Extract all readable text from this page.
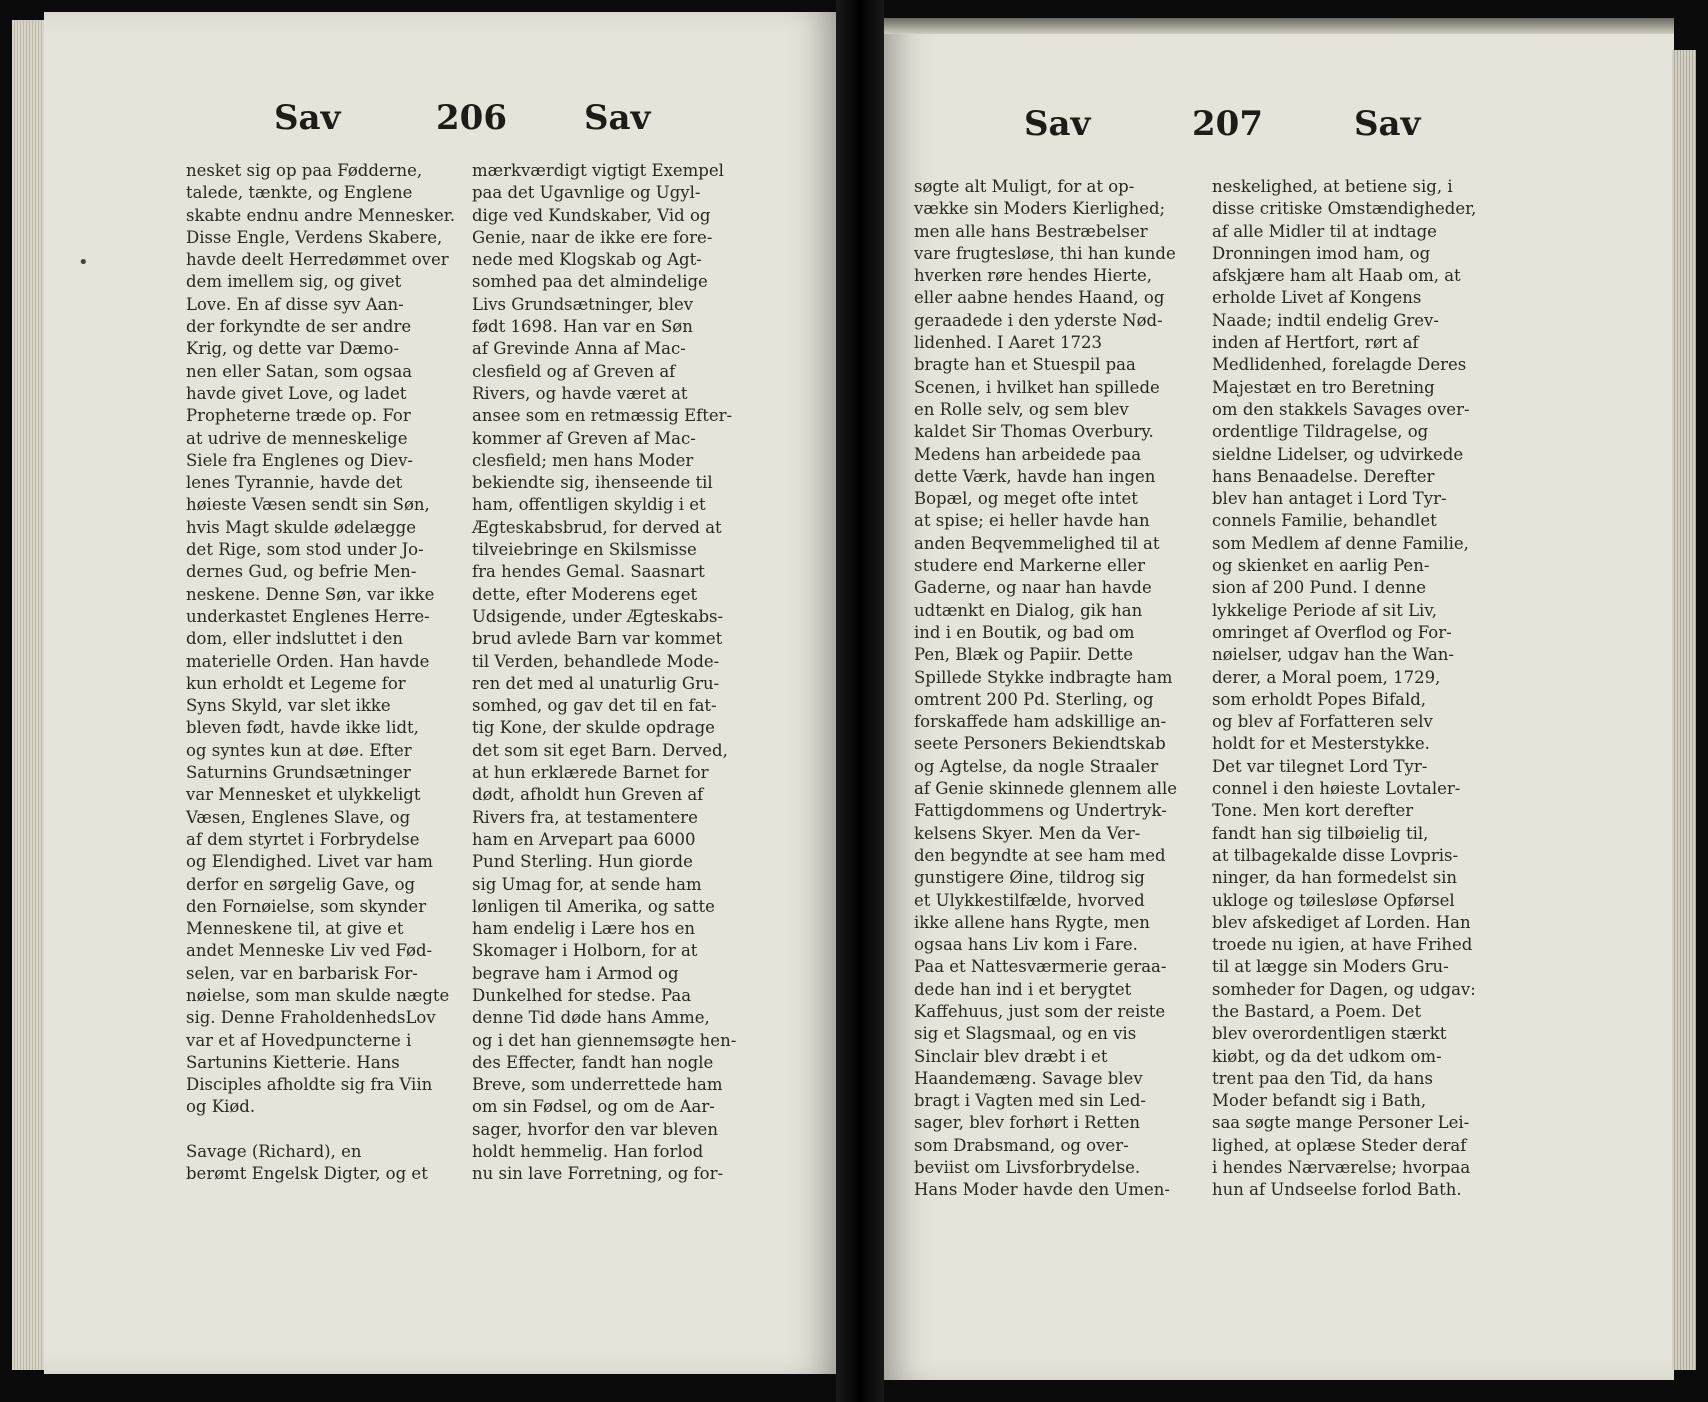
Sav	206 Sav
•
nesket sig op paa Fødderne,
talede, tænkte, og Englene
skabte endnu andre Mennesker.
Disse Engle, Verdens Skabere,
havde deelt Herredømmet over
dem imellem sig, og givet
Love. En af disse syv Aan-
der forkyndte de ser andre
Krig, og dette var Dæmo-
nen eller Satan, som ogsaa
havde givet Love, og ladet
Propheterne træde op. For
at udrive de menneskelige
Siele fra Englenes og Diev-
lenes Tyrannie, havde det
høieste Væsen sendt sin Søn,
hvis Magt skulde ødelægge
det Rige, som stod under Jo-
dernes Gud, og befrie Men-
neskene. Denne Søn, var ikke
underkastet Englenes Herre-
dom, eller indsluttet i den
materielle Orden. Han havde
kun erholdt et Legeme for
Syns Skyld, var slet ikke
bleven født, havde ikke lidt,
og syntes kun at døe. Efter
Saturnins Grundsætninger
var Mennesket et ulykkeligt
Væsen, Englenes Slave, og
af dem styrtet i Forbrydelse
og Elendighed. Livet var ham
derfor en sørgelig Gave, og
den Fornøielse, som skynder
Menneskene til, at give et
andet Menneske Liv ved Fød-
selen, var en barbarisk For-
nøielse, som man skulde nægte
sig. Denne FraholdenhedsLov
var et af Hovedpuncterne i
Sartunins Kietterie. Hans
Disciples afholdte sig fra Viin
og Kiød.
Savage (Richard), en
berømt Engelsk Digter, og et
mærkværdigt vigtigt Exempel
paa det Ugavnlige og Ugyl-
dige ved Kundskaber, Vid og
Genie, naar de ikke ere fore-
nede med Klogskab og Agt-
somhed paa det almindelige
Livs Grundsætninger, blev
født 1698. Han var en Søn
af Grevinde Anna af Mac-
clesfield og af Greven af
Rivers, og havde været at
ansee som en retmæssig Efter-
kommer af Greven af Mac-
clesfield; men hans Moder
bekiendte sig, ihenseende til
ham, offentligen skyldig i et
Ægteskabsbrud, for derved at
tilveiebringe en Skilsmisse
fra hendes Gemal. Saasnart
dette, efter Moderens eget
Udsigende, under Ægteskabs-
brud avlede Barn var kommet
til Verden, behandlede Mode-
ren det med al unaturlig Gru-
somhed, og gav det til en fat-
tig Kone, der skulde opdrage
det som sit eget Barn. Derved,
at hun erklærede Barnet for
dødt, afholdt hun Greven af
Rivers fra, at testamentere
ham en Arvepart paa 6000
Pund Sterling. Hun giorde
sig Umag for, at sende ham
lønligen til Amerika, og satte
ham endelig i Lære hos en
Skomager i Holborn, for at
begrave ham i Armod og
Dunkelhed for stedse. Paa
denne Tid døde hans Amme,
og i det han giennemsøgte hen-
des Effecter, fandt han nogle
Breve, som underrettede ham
om sin Fødsel, og om de Aar-
sager, hvorfor den var bleven
holdt hemmelig. Han forlod
nu sin lave Forretning, og for-
Sav	207	Sav
søgte alt Muligt, for at op-
vække sin Moders Kierlighed;
men alle hans Bestræbelser
vare frugtesløse, thi han kunde
hverken røre hendes Hierte,
eller aabne hendes Haand, og
geraadede i den yderste Nød-
lidenhed. I Aaret 1723
bragte han et Stuespil paa
Scenen, i hvilket han spillede
en Rolle selv, og sem blev
kaldet Sir Thomas Overbury.
Medens han arbeidede paa
dette Værk, havde han ingen
Bopæl, og meget ofte intet
at spise; ei heller havde han
anden Beqvemmelighed til at
studere end Markerne eller
Gaderne, og naar han havde
udtænkt en Dialog, gik han
ind i en Boutik, og bad om
Pen, Blæk og Papiir. Dette
Spillede Stykke indbragte ham
omtrent 200 Pd. Sterling, og
forskaffede ham adskillige an-
seete Personers Bekiendtskab
og Agtelse, da nogle Straaler
af Genie skinnede glennem alle
Fattigdommens og Undertryk-
kelsens Skyer. Men da Ver-
den begyndte at see ham med
gunstigere Øine, tildrog sig
et Ulykkestilfælde, hvorved
ikke allene hans Rygte, men
ogsaa hans Liv kom i Fare.
Paa et Nattesværmerie geraa-
dede han ind i et berygtet
Kaffehuus, just som der reiste
sig et Slagsmaal, og en vis
Sinclair blev dræbt i et
Haandemæng. Savage blev
bragt i Vagten med sin Led-
sager, blev forhørt i Retten
som Drabsmand, og over-
beviist om Livsforbrydelse.
Hans Moder havde den Umen-
neskelighed, at betiene sig, i
disse critiske Omstændigheder,
af alle Midler til at indtage
Dronningen imod ham, og
afskjære ham alt Haab om, at
erholde Livet af Kongens
Naade; indtil endelig Grev-
inden af Hertfort, rørt af
Medlidenhed, forelagde Deres
Majestæt en tro Beretning
om den stakkels Savages over-
ordentlige Tildragelse, og
sieldne Lidelser, og udvirkede
hans Benaadelse. Derefter
blev han antaget i Lord Tyr-
connels Familie, behandlet
som Medlem af denne Familie,
og skienket en aarlig Pen-
sion af 200 Pund. I denne
lykkelige Periode af sit Liv,
omringet af Overflod og For-
nøielser, udgav han the Wan-
derer, a Moral poem, 1729,
som erholdt Popes Bifald,
og blev af Forfatteren selv
holdt for et Mesterstykke.
Det var tilegnet Lord Tyr-
connel i den høieste Lovtaler-
Tone. Men kort derefter
fandt han sig tilbøielig til,
at tilbagekalde disse Lovpris-
ninger, da han formedelst sin
ukloge og tøilesløse Opførsel
blev afskediget af Lorden. Han
troede nu igien, at have Frihed
til at lægge sin Moders Gru-
somheder for Dagen, og udgav:
the Bastard, a Poem. Det
blev overordentligen stærkt
kiøbt, og da det udkom om-
trent paa den Tid, da hans
Moder befandt sig i Bath,
saa søgte mange Personer Lei-
lighed, at oplæse Steder deraf
i hendes Nærværelse; hvorpaa
hun af Undseelse forlod Bath.
